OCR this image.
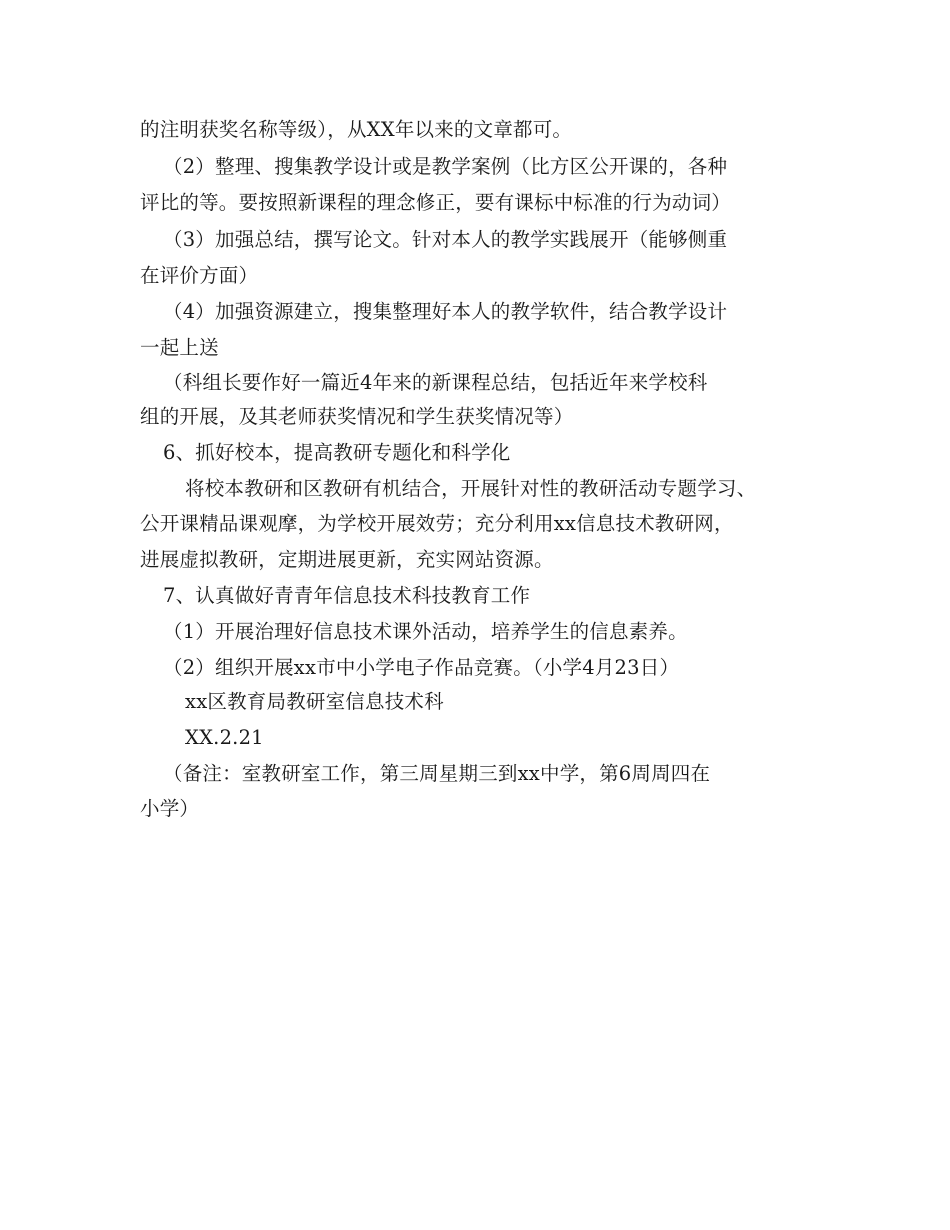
的注明获奖名称等级），从XX年以来的文章都可。
（2）整理、搜集教学设计或是教学案例（比方区公开课的，各种
评比的等。要按照新课程的理念修正，要有课标中标准的行为动词）
（3）加强总结，撰写论文。针对本人的教学实践展开（能够侧重
在评价方面）
（4）加强资源建立，搜集整理好本人的教学软件，结合教学设计
一起上送
（科组长要作好一篇近4年来的新课程总结，包括近年来学校科
组的开展，及其老师获奖情况和学生获奖情况等）
6、抓好校本，提高教研专题化和科学化
将校本教研和区教研有机结合，开展针对性的教研活动专题学习、
公开课精品课观摩，为学校开展效劳；充分利用xx信息技术教研网，
进展虚拟教研，定期进展更新，充实网站资源。
7、认真做好青青年信息技术科技教育工作
（1）开展治理好信息技术课外活动，培养学生的信息素养。
（2）组织开展xx市中小学电子作品竞赛。（小学4月23日）
xx区教育局教研室信息技术科
XX.2.21
（备注：室教研室工作，第三周星期三到xx中学，第6周周四在
小学）
